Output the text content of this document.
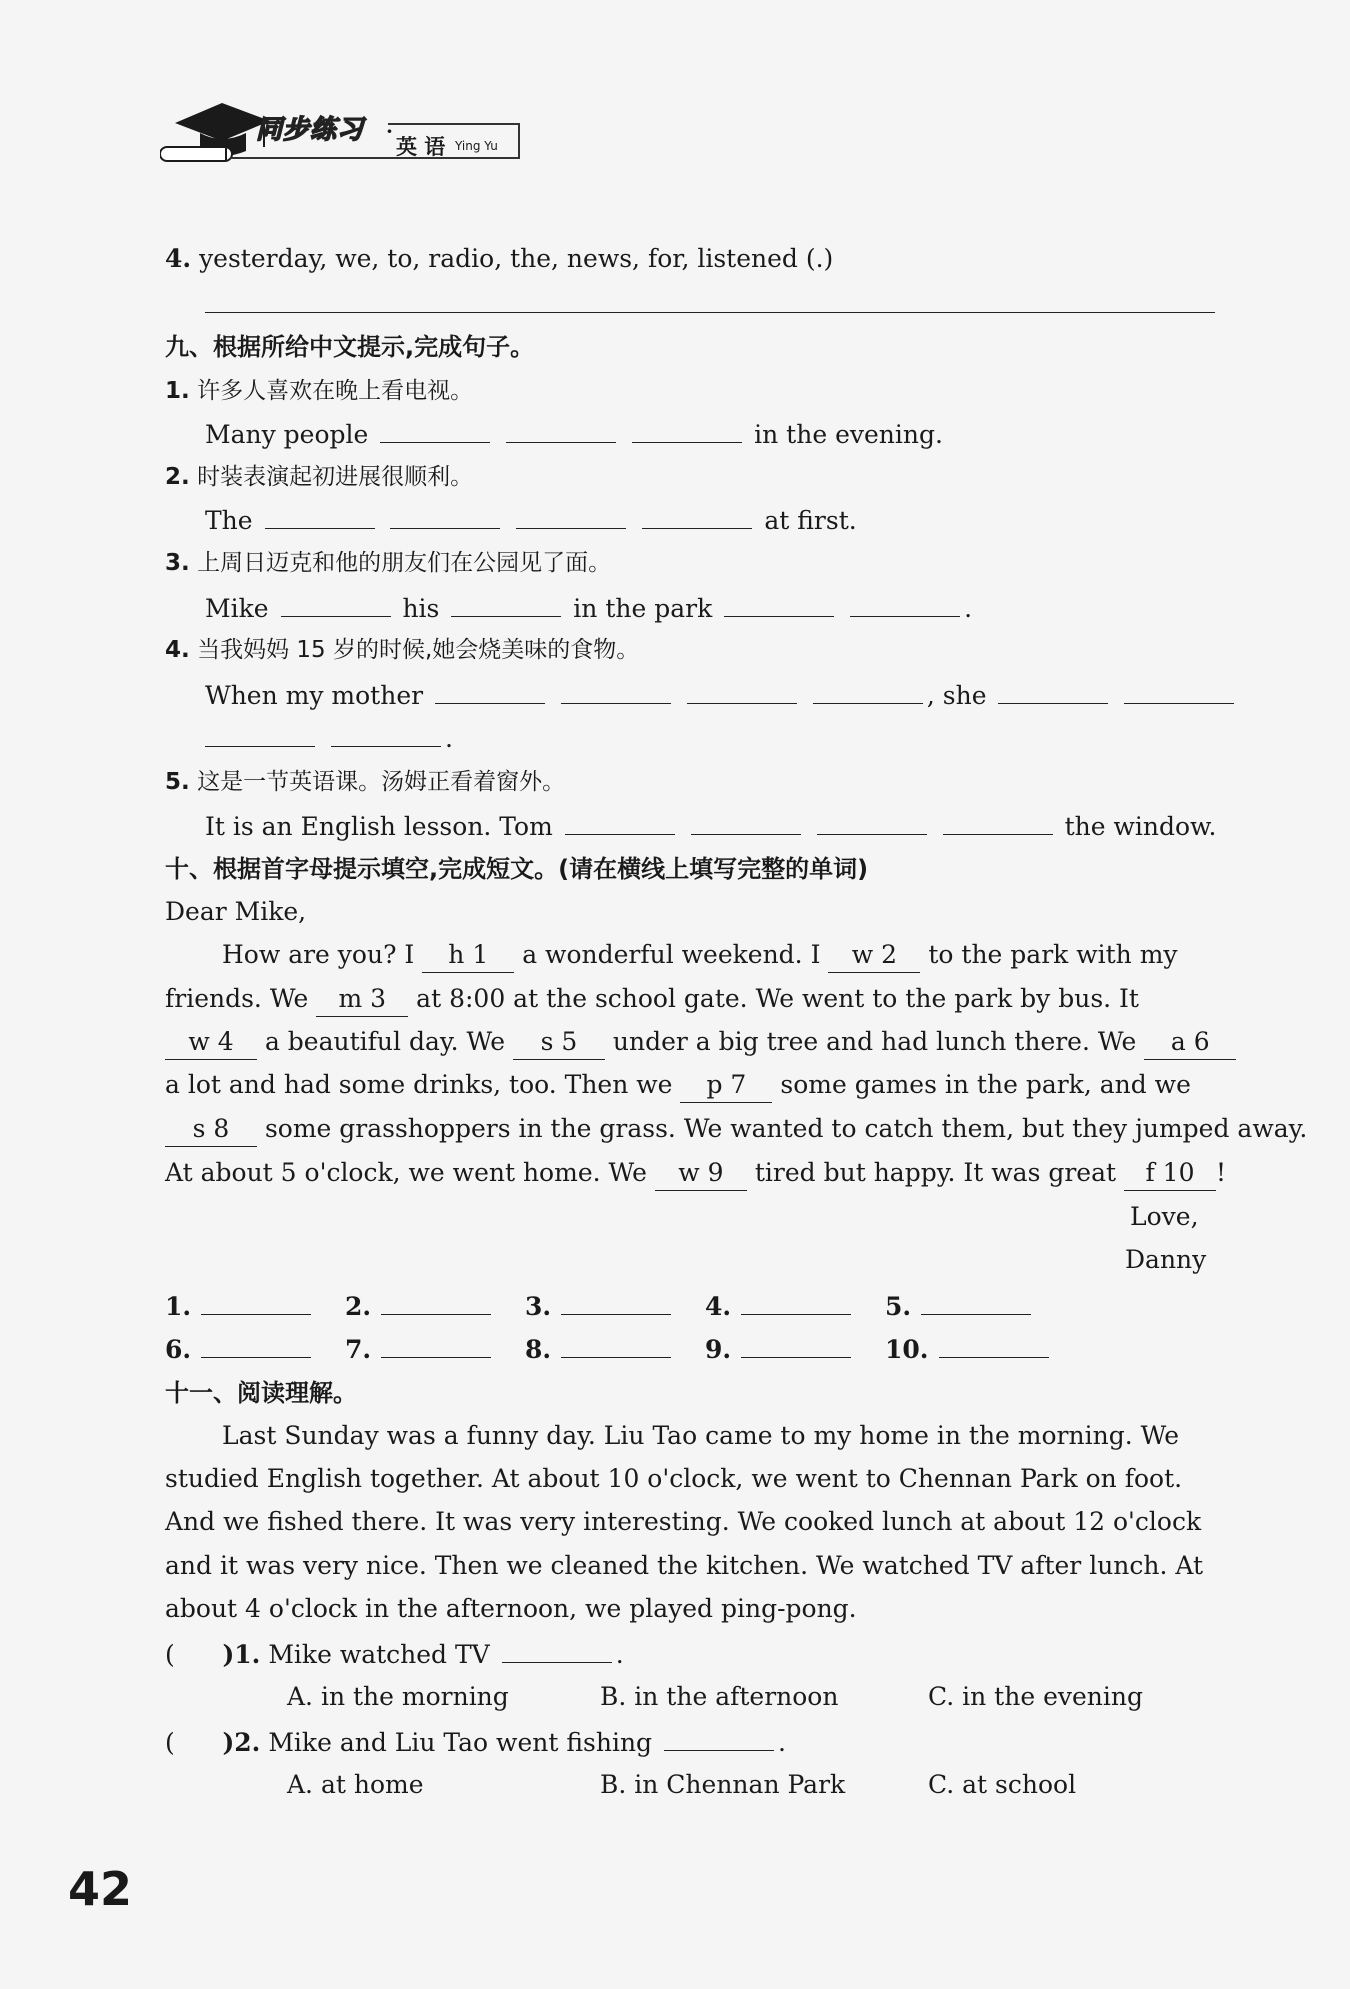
同步练习 ·
英 语 Ying Yu
4. yesterday, we, to, radio, the, news, for, listened (.)
九、根据所给中文提示,完成句子。
1. 许多人喜欢在晚上看电视。
Many people	in the evening.
2. 时装表演起初进展很顺利。
The	at first.
3. 上周日迈克和他的朋友们在公园见了面。
Mike	his	in the park	.
4. 当我妈妈 15 岁的时候,她会烧美味的食物。
When my mother	, she
.
5. 这是一节英语课。汤姆正看着窗外。
It is an English lesson. Tom	the window.
十、根据首字母提示填空,完成短文。(请在横线上填写完整的单词)
Dear Mike,
How are you? I h 1 a wonderful weekend. I w 2 to the park with my
friends. We m 3 at 8:00 at the school gate. We went to the park by bus. It
w 4 a beautiful day. We s 5 under a big tree and had lunch there. We a 6
a lot and had some drinks, too. Then we p 7 some games in the park, and we
s 8 some grasshoppers in the grass. We wanted to catch them, but they jumped away.
At about 5 o'clock, we went home. We w 9 tired but happy. It was great f 10 !
Love,
Danny
1.	2.	3.	4.	5.
6.	7.	8.	9.	10.
十一、阅读理解。
Last Sunday was a funny day. Liu Tao came to my home in the morning. We
studied English together. At about 10 o'clock, we went to Chennan Park on foot.
And we fished there. It was very interesting. We cooked lunch at about 12 o'clock
and it was very nice. Then we cleaned the kitchen. We watched TV after lunch. At
about 4 o'clock in the afternoon, we played ping-pong.
(      )1. Mike watched TV	.
A. in the morning	B. in the afternoon	C. in the evening
(      )2. Mike and Liu Tao went fishing	.
A. at home	B. in Chennan Park	C. at school
42
